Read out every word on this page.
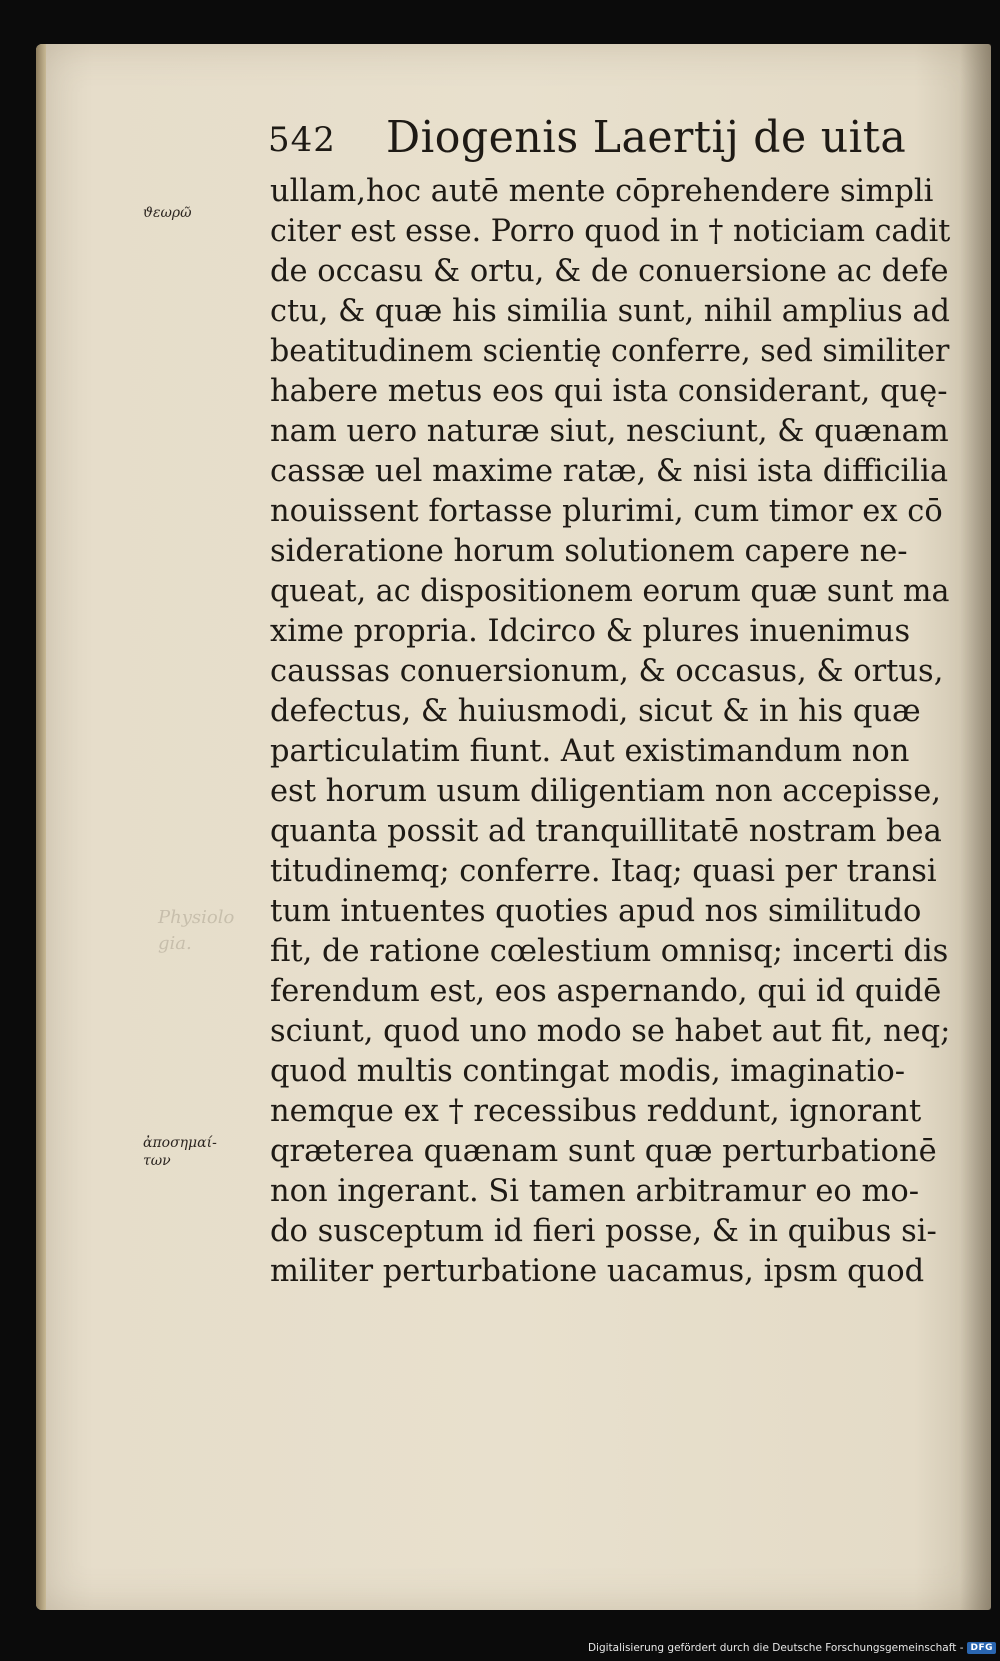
542 Diogenis Laertij de uita
ϑεωρῶ
ἀποσημαί-
των
Physiolo
gia.
ullam,hoc autē mente cōprehendere simpli
citer est esse. Porro quod in † noticiam cadit
de occasu & ortu, & de conuersione ac defe
ctu, & quæ his similia sunt, nihil amplius ad
beatitudinem scientię conferre, sed similiter
habere metus eos qui ista considerant, quę-
nam uero naturæ siut, nesciunt, & quænam
cassæ uel maxime ratæ, & nisi ista difficilia
nouissent fortasse plurimi, cum timor ex cō
sideratione horum solutionem capere ne-
queat, ac dispositionem eorum quæ sunt ma
xime propria. Idcirco & plures inuenimus
caussas conuersionum, & occasus, & ortus,
defectus, & huiusmodi, sicut & in his quæ
particulatim fiunt. Aut existimandum non
est horum usum diligentiam non accepisse,
quanta possit ad tranquillitatē nostram bea
titudinemq; conferre. Itaq; quasi per transi
tum intuentes quoties apud nos similitudo
fit, de ratione cœlestium omnisq; incerti dis
ferendum est, eos aspernando, qui id quidē
sciunt, quod uno modo se habet aut fit, neq;
quod multis contingat modis, imaginatio-
nemque ex † recessibus reddunt, ignorant
qræterea quænam sunt quæ perturbationē
non ingerant. Si tamen arbitramur eo mo-
do susceptum id fieri posse, & in quibus si-
militer perturbatione uacamus, ipsm quod
Digitalisierung gefördert durch die Deutsche Forschungsgemeinschaft - DFG
